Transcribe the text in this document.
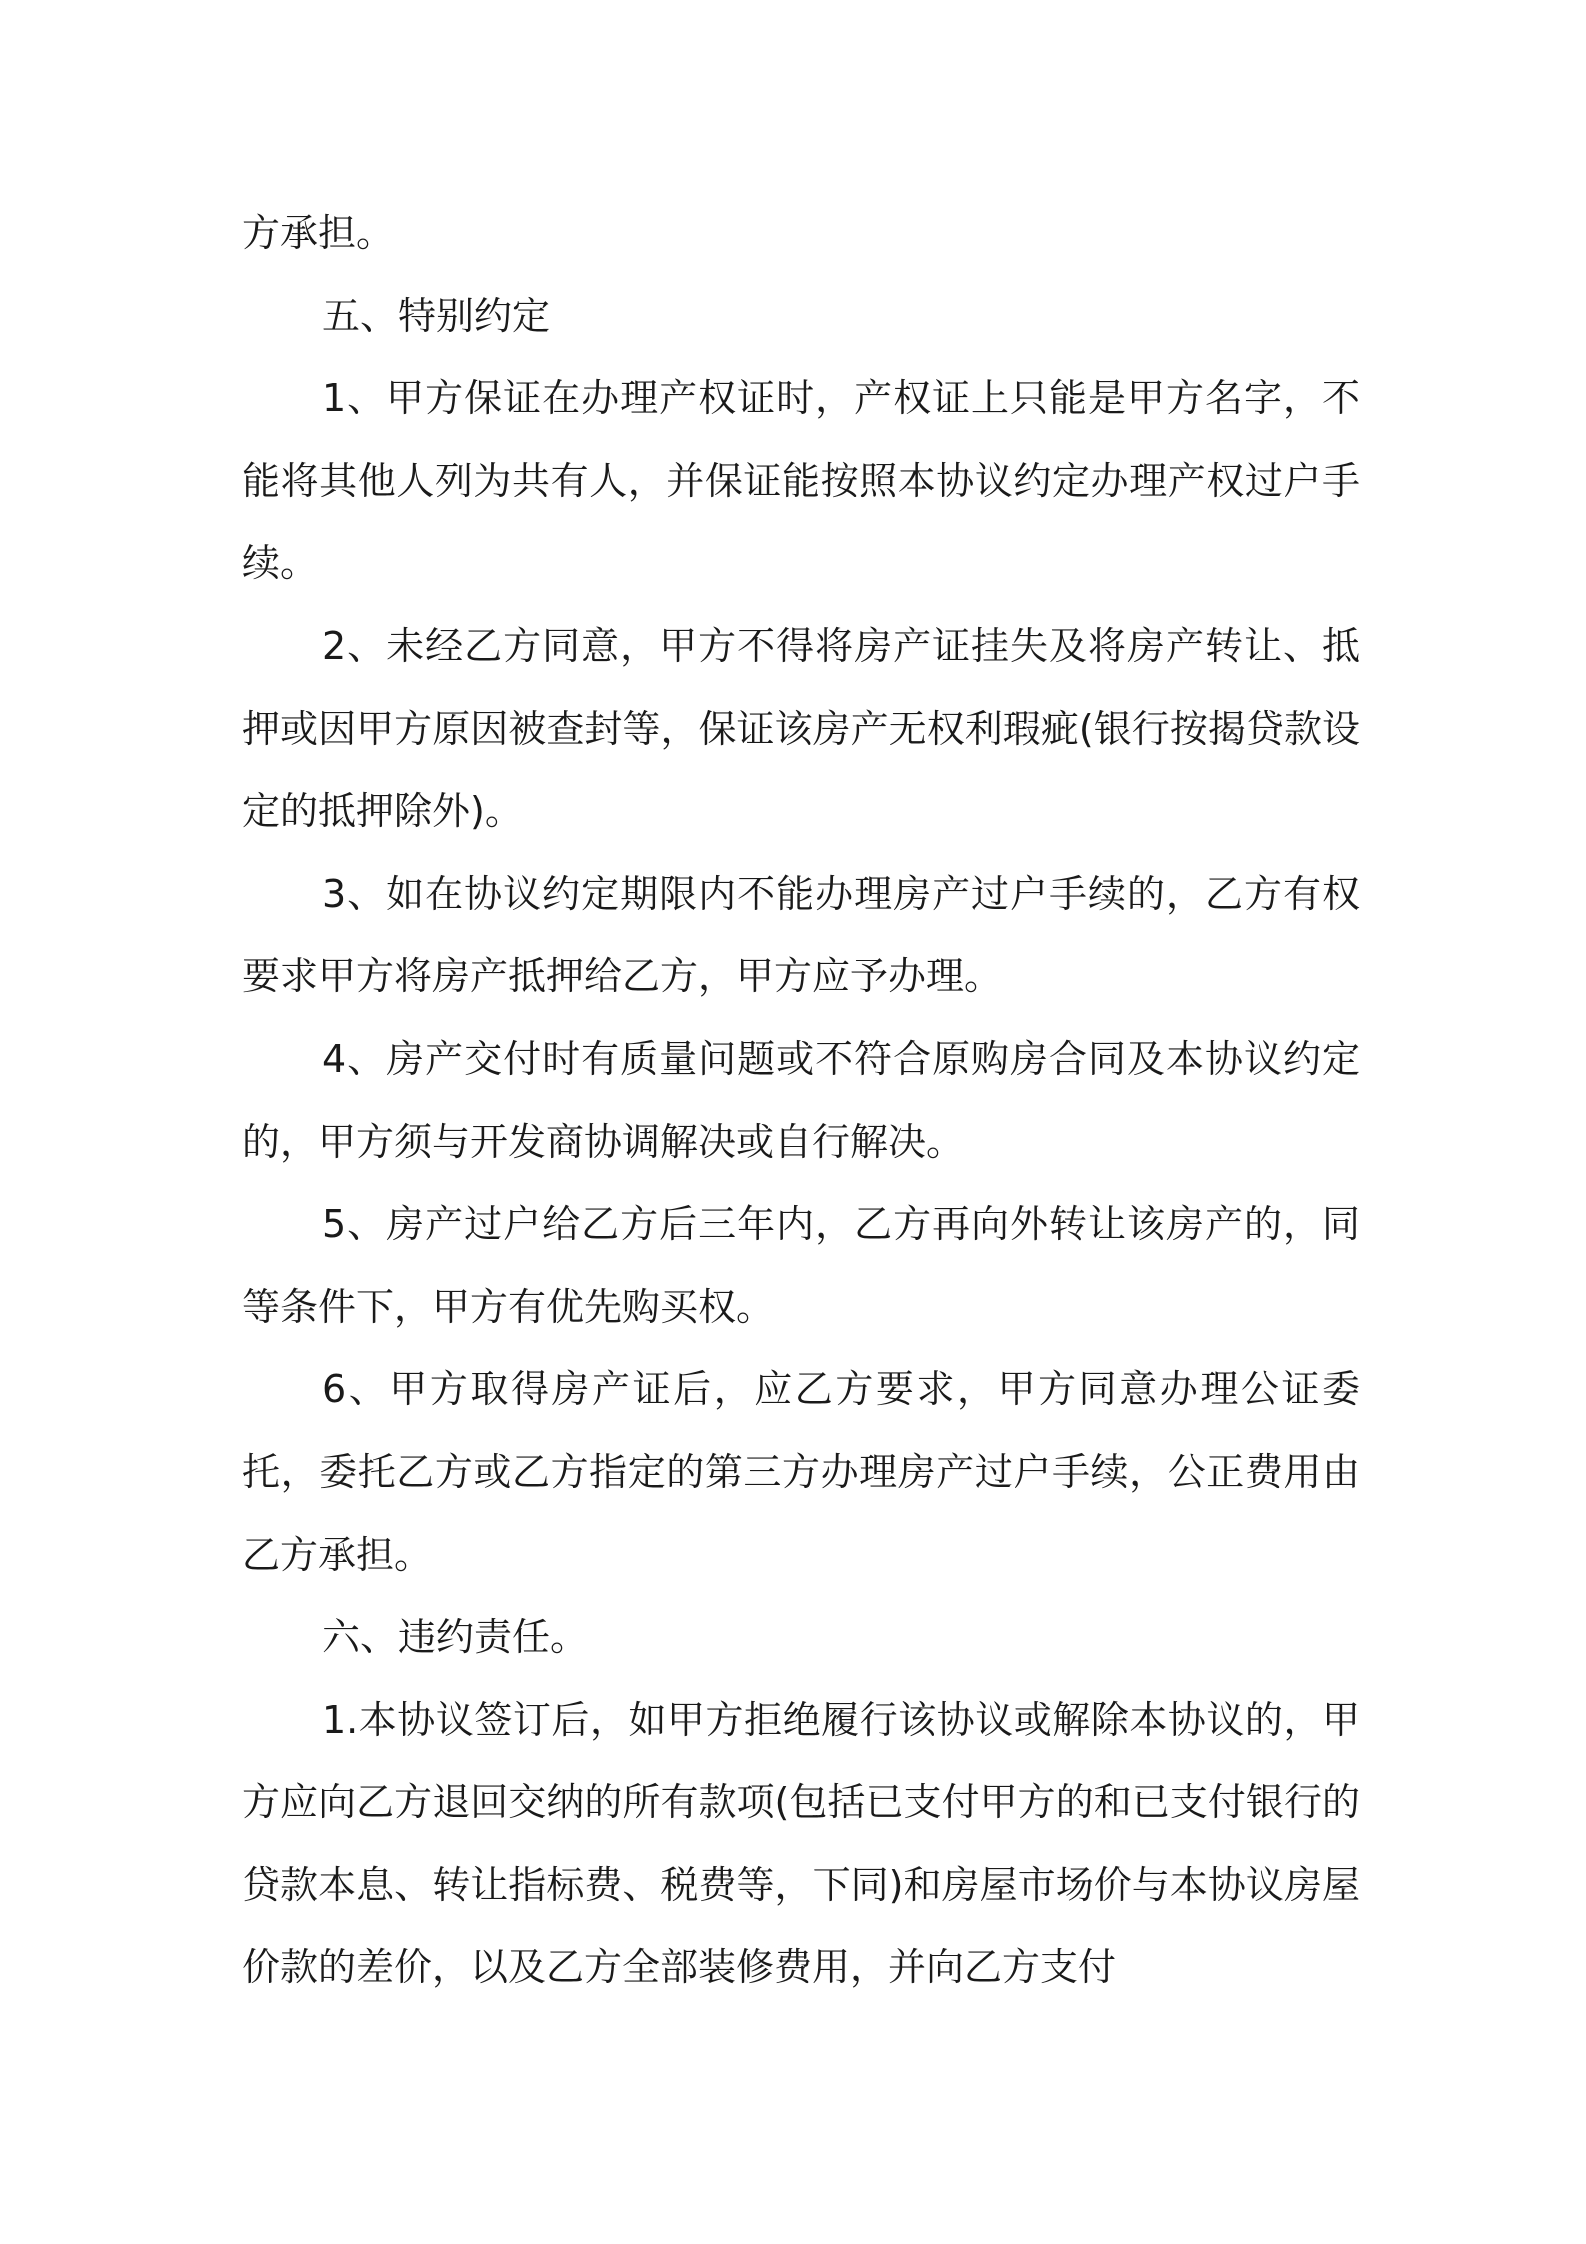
方承担。

五、特别约定

1、甲方保证在办理产权证时，产权证上只能是甲方名字，不能将其他人列为共有人，并保证能按照本协议约定办理产权过户手续。

2、未经乙方同意，甲方不得将房产证挂失及将房产转让、抵押或因甲方原因被查封等，保证该房产无权利瑕疵(银行按揭贷款设定的抵押除外)。

3、如在协议约定期限内不能办理房产过户手续的，乙方有权要求甲方将房产抵押给乙方，甲方应予办理。

4、房产交付时有质量问题或不符合原购房合同及本协议约定的，甲方须与开发商协调解决或自行解决。

5、房产过户给乙方后三年内，乙方再向外转让该房产的，同等条件下，甲方有优先购买权。

6、甲方取得房产证后，应乙方要求，甲方同意办理公证委托，委托乙方或乙方指定的第三方办理房产过户手续，公正费用由乙方承担。

六、违约责任。

1.本协议签订后，如甲方拒绝履行该协议或解除本协议的，甲方应向乙方退回交纳的所有款项(包括已支付甲方的和已支付银行的贷款本息、转让指标费、税费等，下同)和房屋市场价与本协议房屋价款的差价，以及乙方全部装修费用，并向乙方支付
